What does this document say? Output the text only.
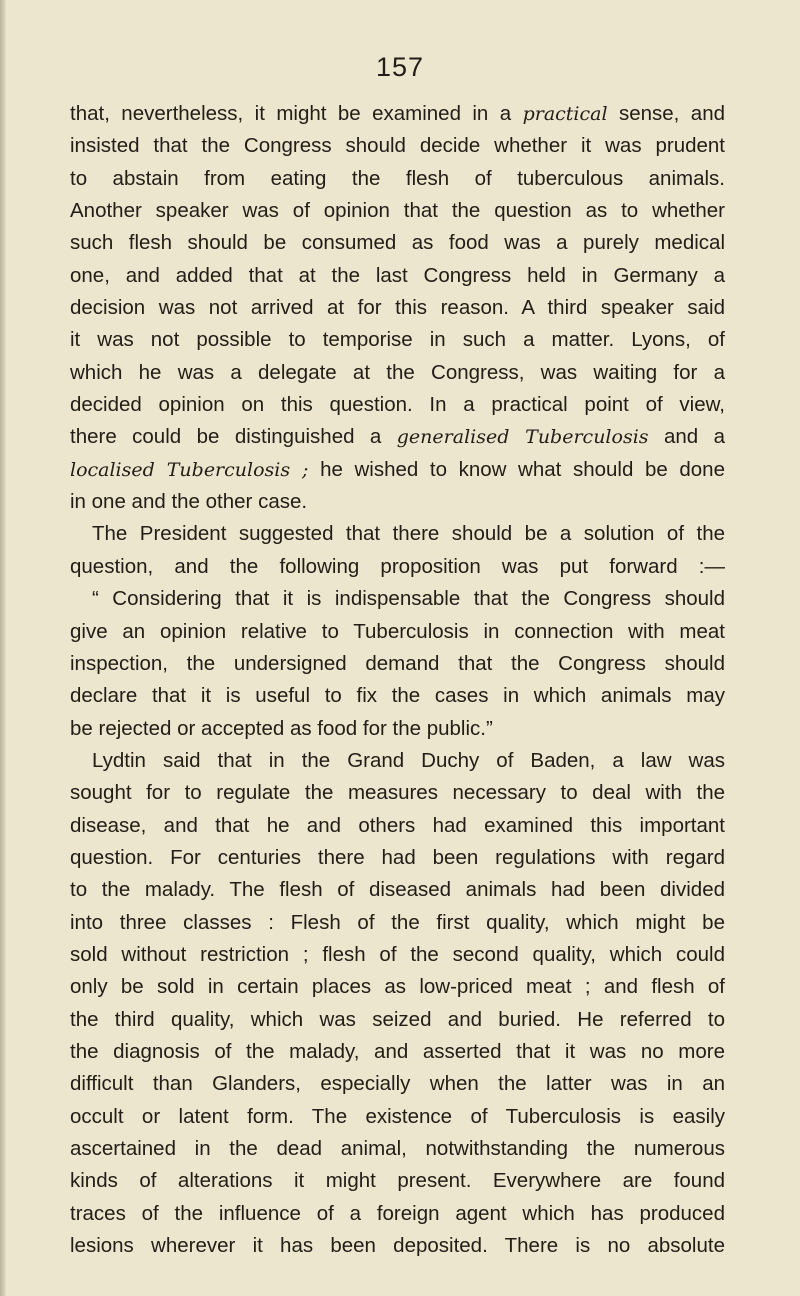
157
that, nevertheless, it might be examined in a practical sense, and
insisted that the Congress should decide whether it was prudent
to abstain from eating the flesh of tuberculous animals.
Another speaker was of opinion that the question as to whether
such flesh should be consumed as food was a purely medical
one, and added that at the last Congress held in Germany a
decision was not arrived at for this reason. A third speaker said
it was not possible to temporise in such a matter. Lyons, of
which he was a delegate at the Congress, was waiting for a
decided opinion on this question. In a practical point of view,
there could be distinguished a generalised Tuberculosis and a
localised Tuberculosis ; he wished to know what should be done
in one and the other case.
The President suggested that there should be a solution of the
question, and the following proposition was put forward :—
“ Considering that it is indispensable that the Congress should
give an opinion relative to Tuberculosis in connection with meat
inspection, the undersigned demand that the Congress should
declare that it is useful to fix the cases in which animals may
be rejected or accepted as food for the public.”
Lydtin said that in the Grand Duchy of Baden, a law was
sought for to regulate the measures necessary to deal with the
disease, and that he and others had examined this important
question. For centuries there had been regulations with regard
to the malady. The flesh of diseased animals had been divided
into three classes : Flesh of the first quality, which might be
sold without restriction ; flesh of the second quality, which could
only be sold in certain places as low-priced meat ; and flesh of
the third quality, which was seized and buried. He referred to
the diagnosis of the malady, and asserted that it was no more
difficult than Glanders, especially when the latter was in an
occult or latent form. The existence of Tuberculosis is easily
ascertained in the dead animal, notwithstanding the numerous
kinds of alterations it might present. Everywhere are found
traces of the influence of a foreign agent which has produced
lesions wherever it has been deposited. There is no absolute
